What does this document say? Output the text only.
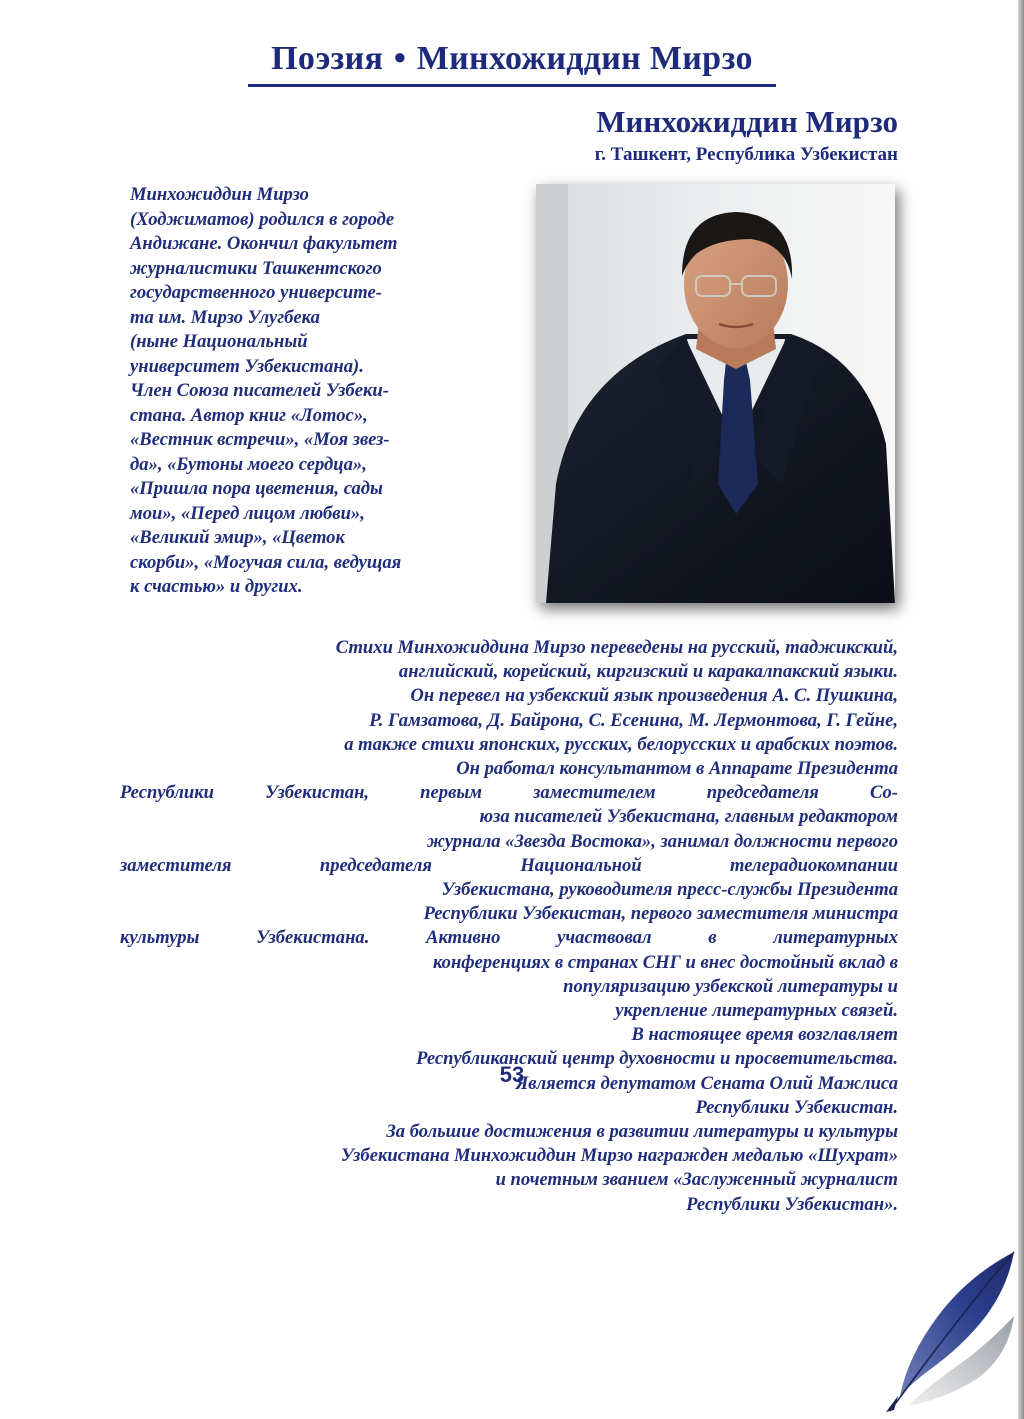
Поэзия ● Минхожиддин Мирзо
Минхожиддин Мирзо
г. Ташкент, Республика Узбекистан
Минхожиддин Мирзо
(Ходжиматов) родился в городе
Андижане. Окончил факультет
журналистики Ташкентского
государственного университе-
та им. Мирзо Улугбека
(ныне Национальный
университет Узбекистана).
Член Союза писателей Узбеки-
стана. Автор книг «Лотос»,
«Вестник встречи», «Моя звез-
да», «Бутоны моего сердца»,
«Пришла пора цветения, сады
мои», «Перед лицом любви»,
«Великий эмир», «Цветок
скорби», «Могучая сила, ведущая
к счастью» и других.
Стихи Минхожиддина Мирзо переведены на русский, таджикский,
английский, корейский, киргизский и каракалпакский языки.
Он перевел на узбекский язык произведения А. С. Пушкина,
Р. Гамзатова, Д. Байрона, С. Есенина, М. Лермонтова, Г. Гейне,
а также стихи японских, русских, белорусских и арабских поэтов.
Он работал консультантом в Аппарате Президента
Республики Узбекистан, первым заместителем председателя Со-
юза писателей Узбекистана, главным редактором
журнала «Звезда Востока», занимал должности первого
заместителя председателя Национальной телерадиокомпании
Узбекистана, руководителя пресс-службы Президента
Республики Узбекистан, первого заместителя министра
культуры Узбекистана. Активно участвовал в литературных
конференциях в странах СНГ и внес достойный вклад в
популяризацию узбекской литературы и
укрепление литературных связей.
В настоящее время возглавляет
Республиканский центр духовности и просветительства.
Является депутатом Сената Олий Мажлиса
Республики Узбекистан.
За большие достижения в развитии литературы и культуры
Узбекистана Минхожиддин Мирзо награжден медалью «Шухрат»
и почетным званием «Заслуженный журналист
Республики Узбекистан».
53
